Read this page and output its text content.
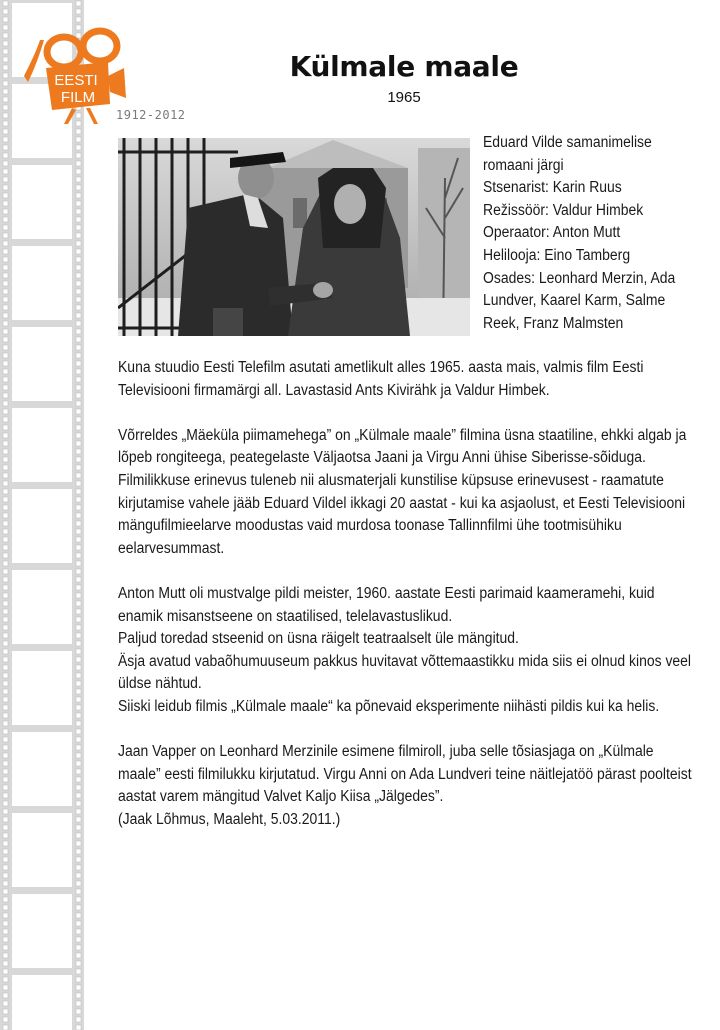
EESTI
FILM
1912-2012
Külmale maale
1965
Eduard Vilde samanimelise romaani järgi
Stsenarist: Karin Ruus
Režissöör: Valdur Himbek
Operaator: Anton Mutt
Helilooja: Eino Tamberg
Osades: Leonhard Merzin, Ada Lundver, Kaarel Karm, Salme Reek, Franz Malmsten

Kuna stuudio Eesti Telefilm asutati ametlikult alles 1965. aasta mais, valmis film Eesti Televisiooni firmamärgi all. Lavastasid Ants Kivirähk ja Valdur Himbek.

Võrreldes „Mäeküla piimamehega” on „Külmale maale” filmina üsna staatiline, ehkki algab ja lõpeb rongiteega, peategelaste Väljaotsa Jaani ja Virgu Anni ühise Siberisse-sõiduga.

Filmilikkuse erinevus tuleneb nii alusmaterjali kunstilise küpsuse erinevusest - raamatute kirjutamise vahele jääb Eduard Vildel ikkagi 20 aastat - kui ka asjaolust, et Eesti Televisiooni mängufilmieelarve moodustas vaid murdosa toonase Tallinnfilmi ühe tootmisühiku eelarvesummast.

Anton Mutt oli mustvalge pildi meister, 1960. aastate Eesti parimaid kaameramehi, kuid enamik misanstseene on staatilised, telelavastuslikud.

Paljud toredad stseenid on üsna räigelt teatraalselt üle mängitud.

Äsja avatud vabaõhumuuseum pakkus huvitavat võttemaastikku mida siis ei olnud kinos veel üldse nähtud.

Siiski leidub filmis „Külmale maale“ ka põnevaid eksperimente niihästi pildis kui ka helis.

Jaan Vapper on Leonhard Merzinile esimene filmiroll, juba selle tõsiasjaga on „Külmale maale” eesti filmilukku kirjutatud. Virgu Anni on Ada Lundveri teine näitlejatöö pärast poolteist aastat varem mängitud Valvet Kaljo Kiisa „Jälgedes”.

(Jaak Lõhmus, Maaleht, 5.03.2011.)
